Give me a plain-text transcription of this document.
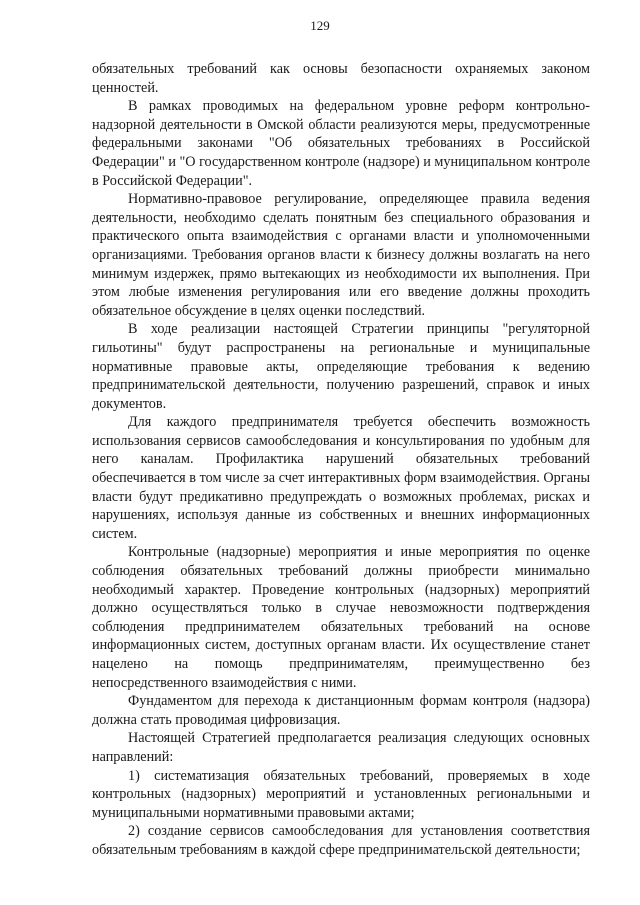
129

обязательных требований как основы безопасности охраняемых законом ценностей.

В рамках проводимых на федеральном уровне реформ контрольно-надзорной деятельности в Омской области реализуются меры, предусмотренные федеральными законами "Об обязательных требованиях в Российской Федерации" и "О государственном контроле (надзоре) и муниципальном контроле в Российской Федерации".

Нормативно-правовое регулирование, определяющее правила ведения деятельности, необходимо сделать понятным без специального образования и практического опыта взаимодействия с органами власти и уполномоченными организациями. Требования органов власти к бизнесу должны возлагать на него минимум издержек, прямо вытекающих из необходимости их выполнения. При этом любые изменения регулирования или его введение должны проходить обязательное обсуждение в целях оценки последствий.

В ходе реализации настоящей Стратегии принципы "регуляторной гильотины" будут распространены на региональные и муниципальные нормативные правовые акты, определяющие требования к ведению предпринимательской деятельности, получению разрешений, справок и иных документов.

Для каждого предпринимателя требуется обеспечить возможность использования сервисов самообследования и консультирования по удобным для него каналам. Профилактика нарушений обязательных требований обеспечивается в том числе за счет интерактивных форм взаимодействия. Органы власти будут предикативно предупреждать о возможных проблемах, рисках и нарушениях, используя данные из собственных и внешних информационных систем.

Контрольные (надзорные) мероприятия и иные мероприятия по оценке соблюдения обязательных требований должны приобрести минимально необходимый характер. Проведение контрольных (надзорных) мероприятий должно осуществляться только в случае невозможности подтверждения соблюдения предпринимателем обязательных требований на основе информационных систем, доступных органам власти. Их осуществление станет нацелено на помощь предпринимателям, преимущественно без непосредственного взаимодействия с ними.

Фундаментом для перехода к дистанционным формам контроля (надзора) должна стать проводимая цифровизация.

Настоящей Стратегией предполагается реализация следующих основных направлений:

1) систематизация обязательных требований, проверяемых в ходе контрольных (надзорных) мероприятий и установленных региональными и муниципальными нормативными правовыми актами;

2) создание сервисов самообследования для установления соответствия обязательным требованиям в каждой сфере предпринимательской деятельности;
